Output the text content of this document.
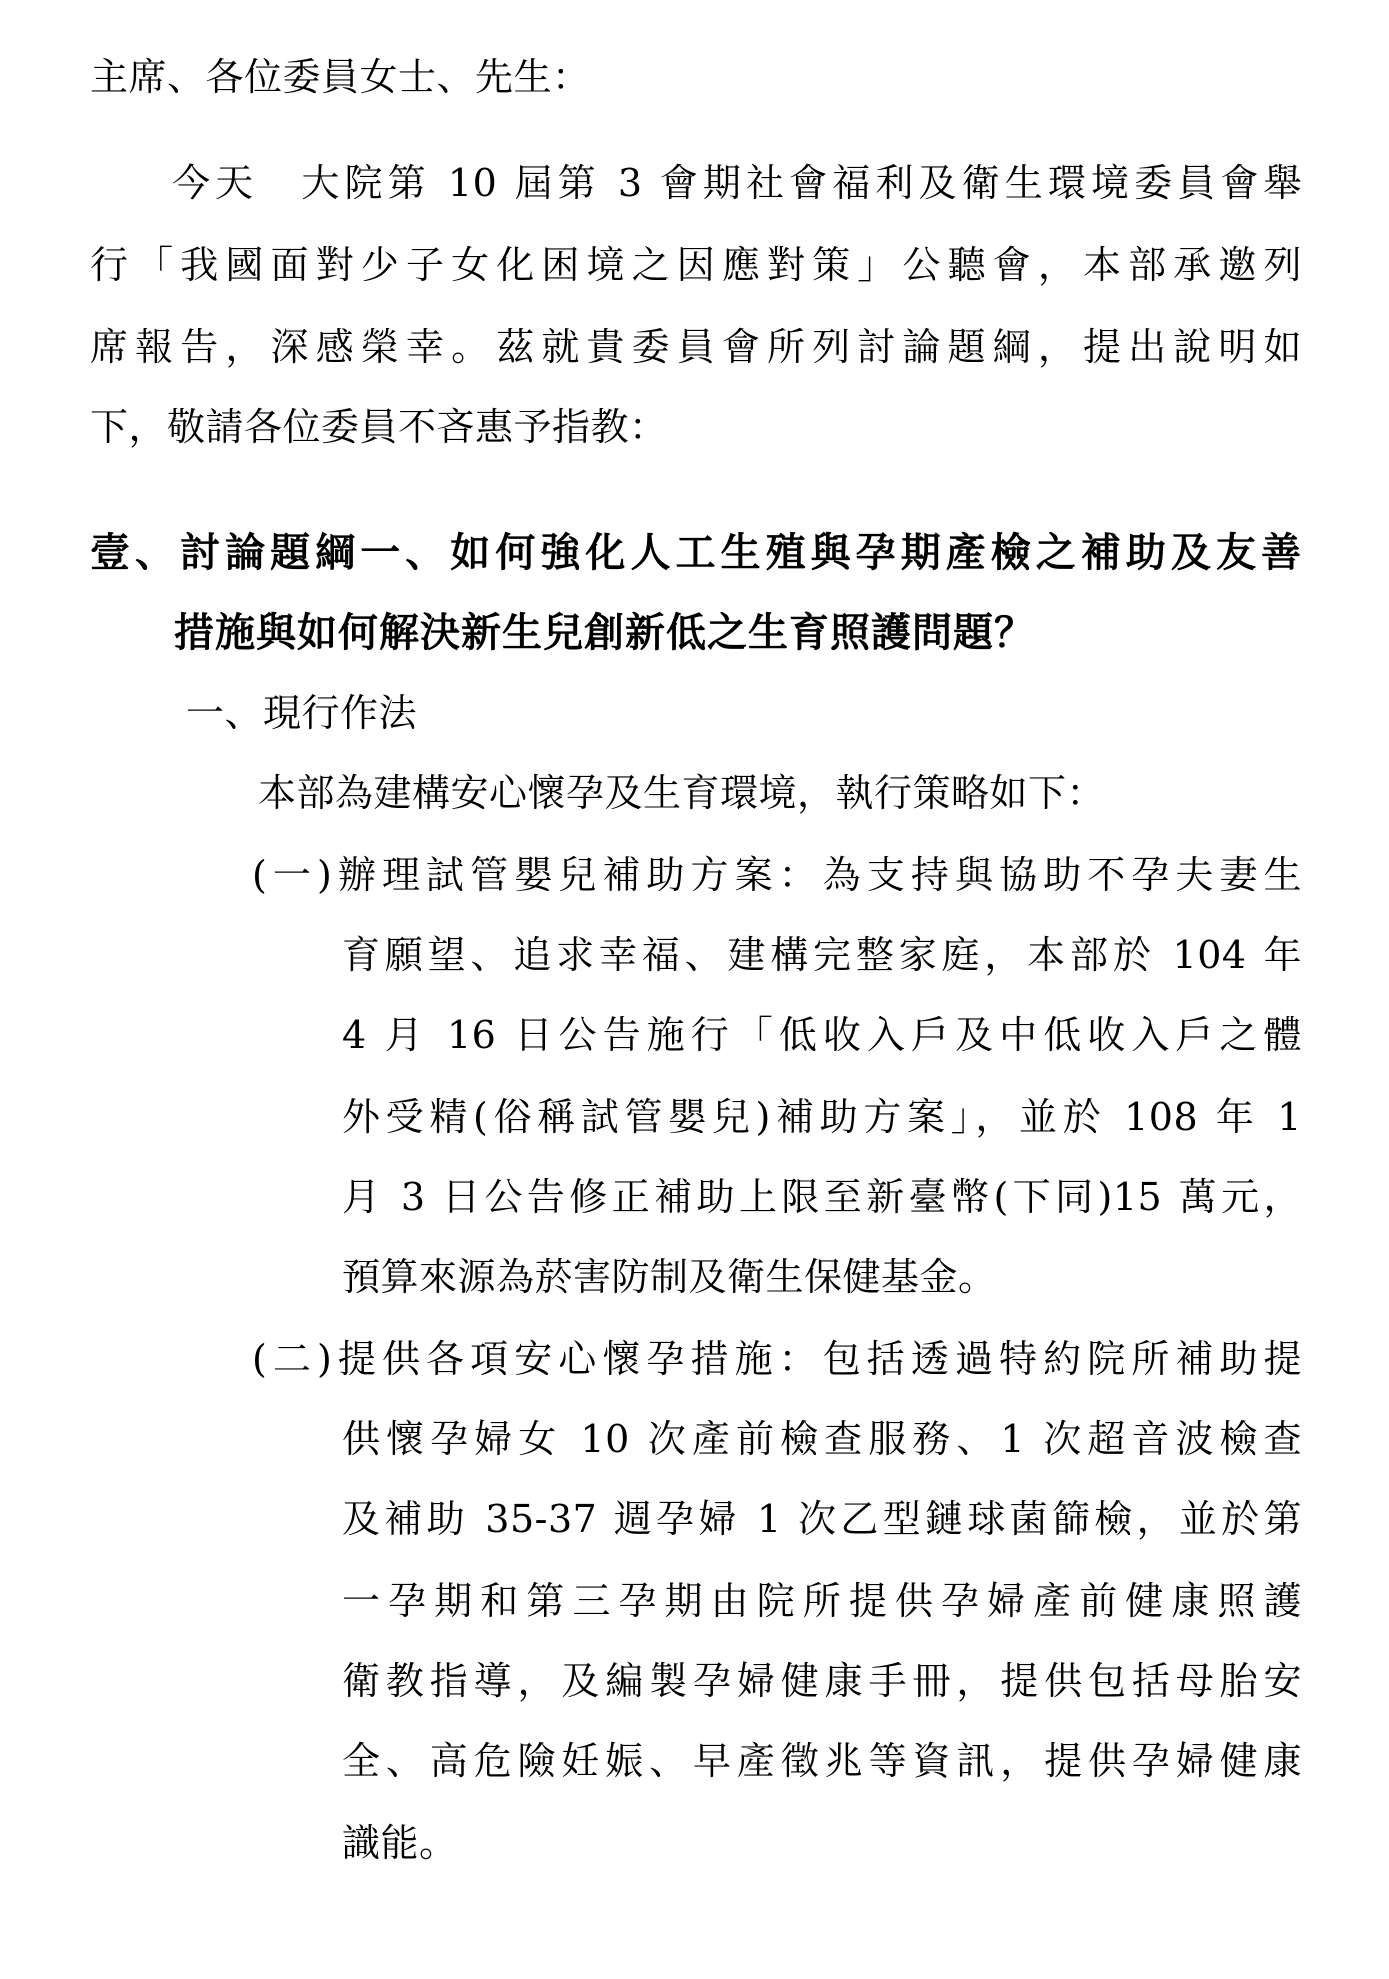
主席、各位委員女士、先生：
今天　大院第 10 屆第 3 會期社會福利及衛生環境委員會舉
行「我國面對少子女化困境之因應對策」公聽會，本部承邀列
席報告，深感榮幸。茲就貴委員會所列討論題綱，提出說明如
下，敬請各位委員不吝惠予指教：
壹、討論題綱一、如何強化人工生殖與孕期產檢之補助及友善
措施與如何解決新生兒創新低之生育照護問題？
一、現行作法
本部為建構安心懷孕及生育環境，執行策略如下：
(一)辦理試管嬰兒補助方案：為支持與協助不孕夫妻生
育願望、追求幸福、建構完整家庭，本部於 104 年
4 月 16 日公告施行「低收入戶及中低收入戶之體
外受精(俗稱試管嬰兒)補助方案」，並於 108 年 1
月 3 日公告修正補助上限至新臺幣(下同)15 萬元，
預算來源為菸害防制及衛生保健基金。
(二)提供各項安心懷孕措施：包括透過特約院所補助提
供懷孕婦女 10 次產前檢查服務、1 次超音波檢查
及補助 35-37 週孕婦 1 次乙型鏈球菌篩檢，並於第
一孕期和第三孕期由院所提供孕婦產前健康照護
衛教指導，及編製孕婦健康手冊，提供包括母胎安
全、高危險妊娠、早產徵兆等資訊，提供孕婦健康
識能。
